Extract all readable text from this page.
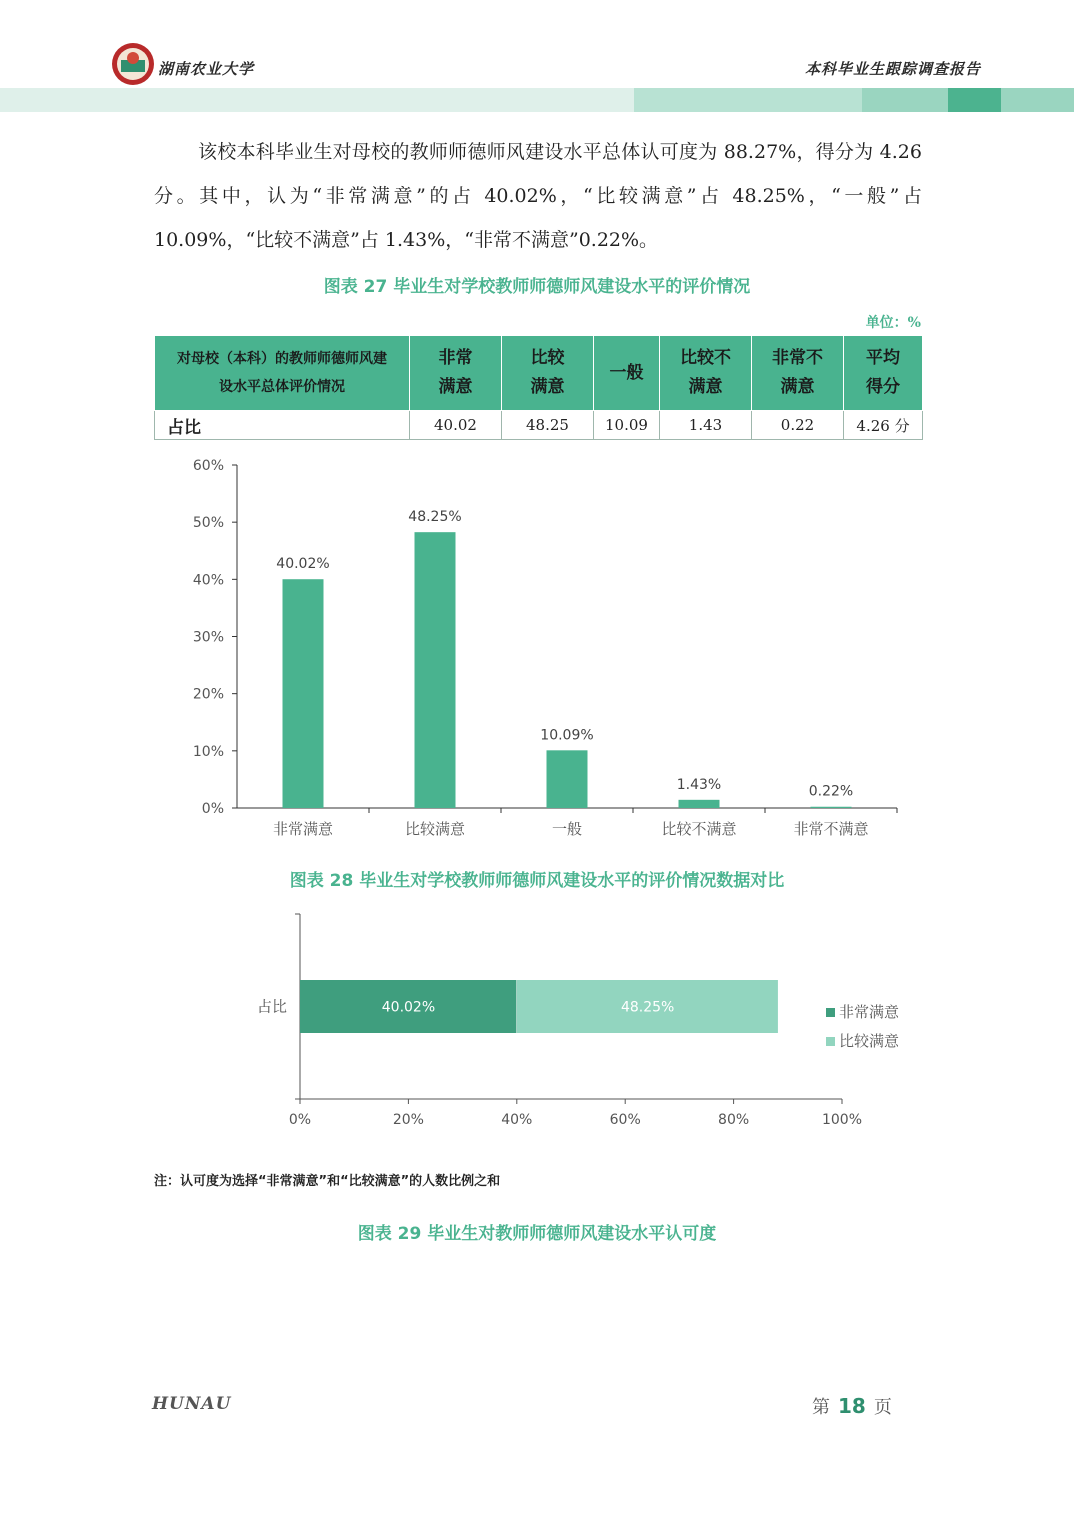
湖南农业大学	本科毕业生跟踪调查报告
该校本科毕业生对母校的教师师德师风建设水平总体认可度为 88.27%，得分为 4.26 分。其中，认为“非常满意”的占 40.02%，“比较满意”占 48.25%，“一般”占 10.09%，“比较不满意”占 1.43%，“非常不满意”0.22%。
图表 27 毕业生对学校教师师德师风建设水平的评价情况
单位：%
对母校（本科）的教师师德师风建设水平总体评价情况	非常满意	比较满意	一般	比较不满意	非常不满意	平均得分

占比	40.02	48.25	10.09	1.43	0.22	4.26 分
0%
10%
20%
30%
40%
50%
60%
40.02%
非常满意
48.25%
比较满意
10.09%
一般
1.43%
比较不满意
0.22%
非常不满意
图表 28 毕业生对学校教师师德师风建设水平的评价情况数据对比
0%	20%	40%	60%	80%	100%
占比	40.02%	非常满意
48.25%
比较满意
注：认可度为选择“非常满意”和“比较满意”的人数比例之和
图表 29 毕业生对教师师德师风建设水平认可度
HUNAU	第 18 页
